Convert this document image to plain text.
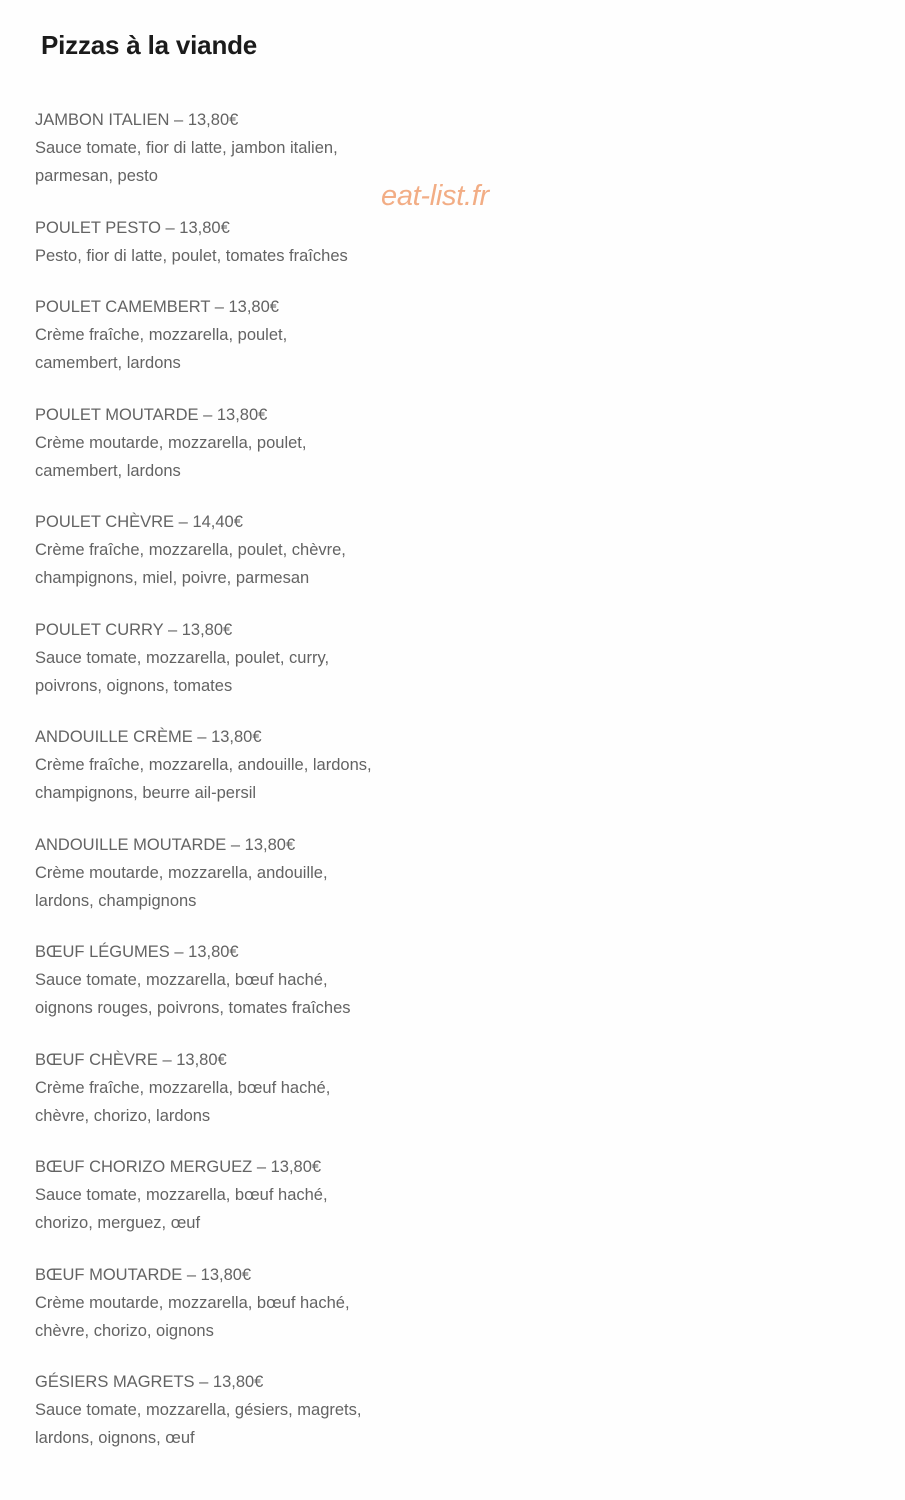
Pizzas à la viande
eat-list.fr
JAMBON ITALIEN – 13,80€
Sauce tomate, fior di latte, jambon italien,
parmesan, pesto
POULET PESTO – 13,80€
Pesto, fior di latte, poulet, tomates fraîches
POULET CAMEMBERT – 13,80€
Crème fraîche, mozzarella, poulet,
camembert, lardons
POULET MOUTARDE – 13,80€
Crème moutarde, mozzarella, poulet,
camembert, lardons
POULET CHÈVRE – 14,40€
Crème fraîche, mozzarella, poulet, chèvre,
champignons, miel, poivre, parmesan
POULET CURRY – 13,80€
Sauce tomate, mozzarella, poulet, curry,
poivrons, oignons, tomates
ANDOUILLE CRÈME – 13,80€
Crème fraîche, mozzarella, andouille, lardons,
champignons, beurre ail-persil
ANDOUILLE MOUTARDE – 13,80€
Crème moutarde, mozzarella, andouille,
lardons, champignons
BŒUF LÉGUMES – 13,80€
Sauce tomate, mozzarella, bœuf haché,
oignons rouges, poivrons, tomates fraîches
BŒUF CHÈVRE – 13,80€
Crème fraîche, mozzarella, bœuf haché,
chèvre, chorizo, lardons
BŒUF CHORIZO MERGUEZ – 13,80€
Sauce tomate, mozzarella, bœuf haché,
chorizo, merguez, œuf
BŒUF MOUTARDE – 13,80€
Crème moutarde, mozzarella, bœuf haché,
chèvre, chorizo, oignons
GÉSIERS MAGRETS – 13,80€
Sauce tomate, mozzarella, gésiers, magrets,
lardons, oignons, œuf
